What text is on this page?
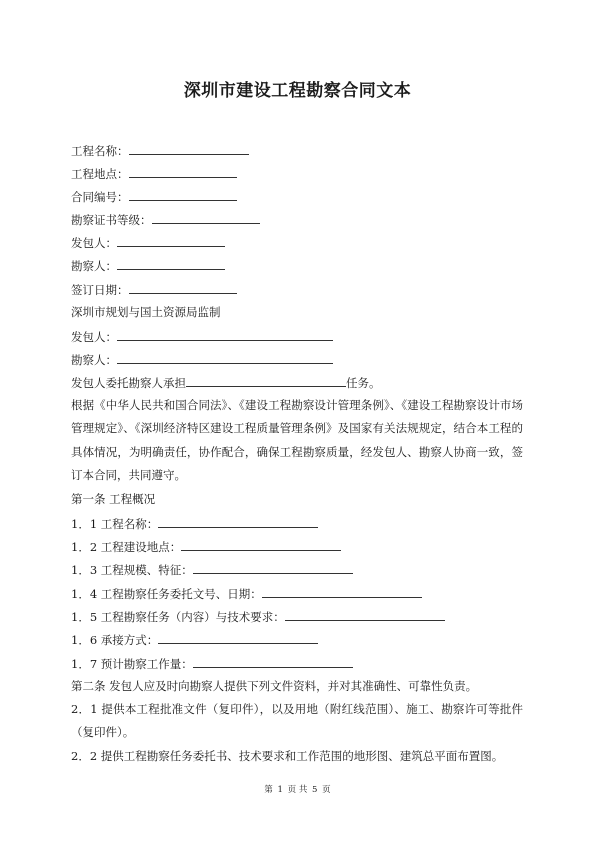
深圳市建设工程勘察合同文本
工程名称：
工程地点：
合同编号：
勘察证书等级：
发包人：
勘察人：
签订日期：
深圳市规划与国土资源局监制
发包人：
勘察人：
发包人委托勘察人承担	任务。
根据《中华人民共和国合同法》、《建设工程勘察设计管理条例》、《建设工程勘察设计市场管理规定》、《深圳经济特区建设工程质量管理条例》及国家有关法规规定，结合本工程的具体情况，为明确责任，协作配合，确保工程勘察质量，经发包人、勘察人协商一致，签订本合同，共同遵守。
第一条 工程概况
1．1 工程名称：
1．2 工程建设地点：
1．3 工程规模、特征：
1．4 工程勘察任务委托文号、日期：
1．5 工程勘察任务（内容）与技术要求：
1．6 承接方式：
1．7 预计勘察工作量：
第二条 发包人应及时向勘察人提供下列文件资料，并对其准确性、可靠性负责。
2．1 提供本工程批准文件（复印件），以及用地（附红线范围）、施工、勘察许可等批件（复印件）。
2．2 提供工程勘察任务委托书、技术要求和工作范围的地形图、建筑总平面布置图。
第 1 页 共 5 页
